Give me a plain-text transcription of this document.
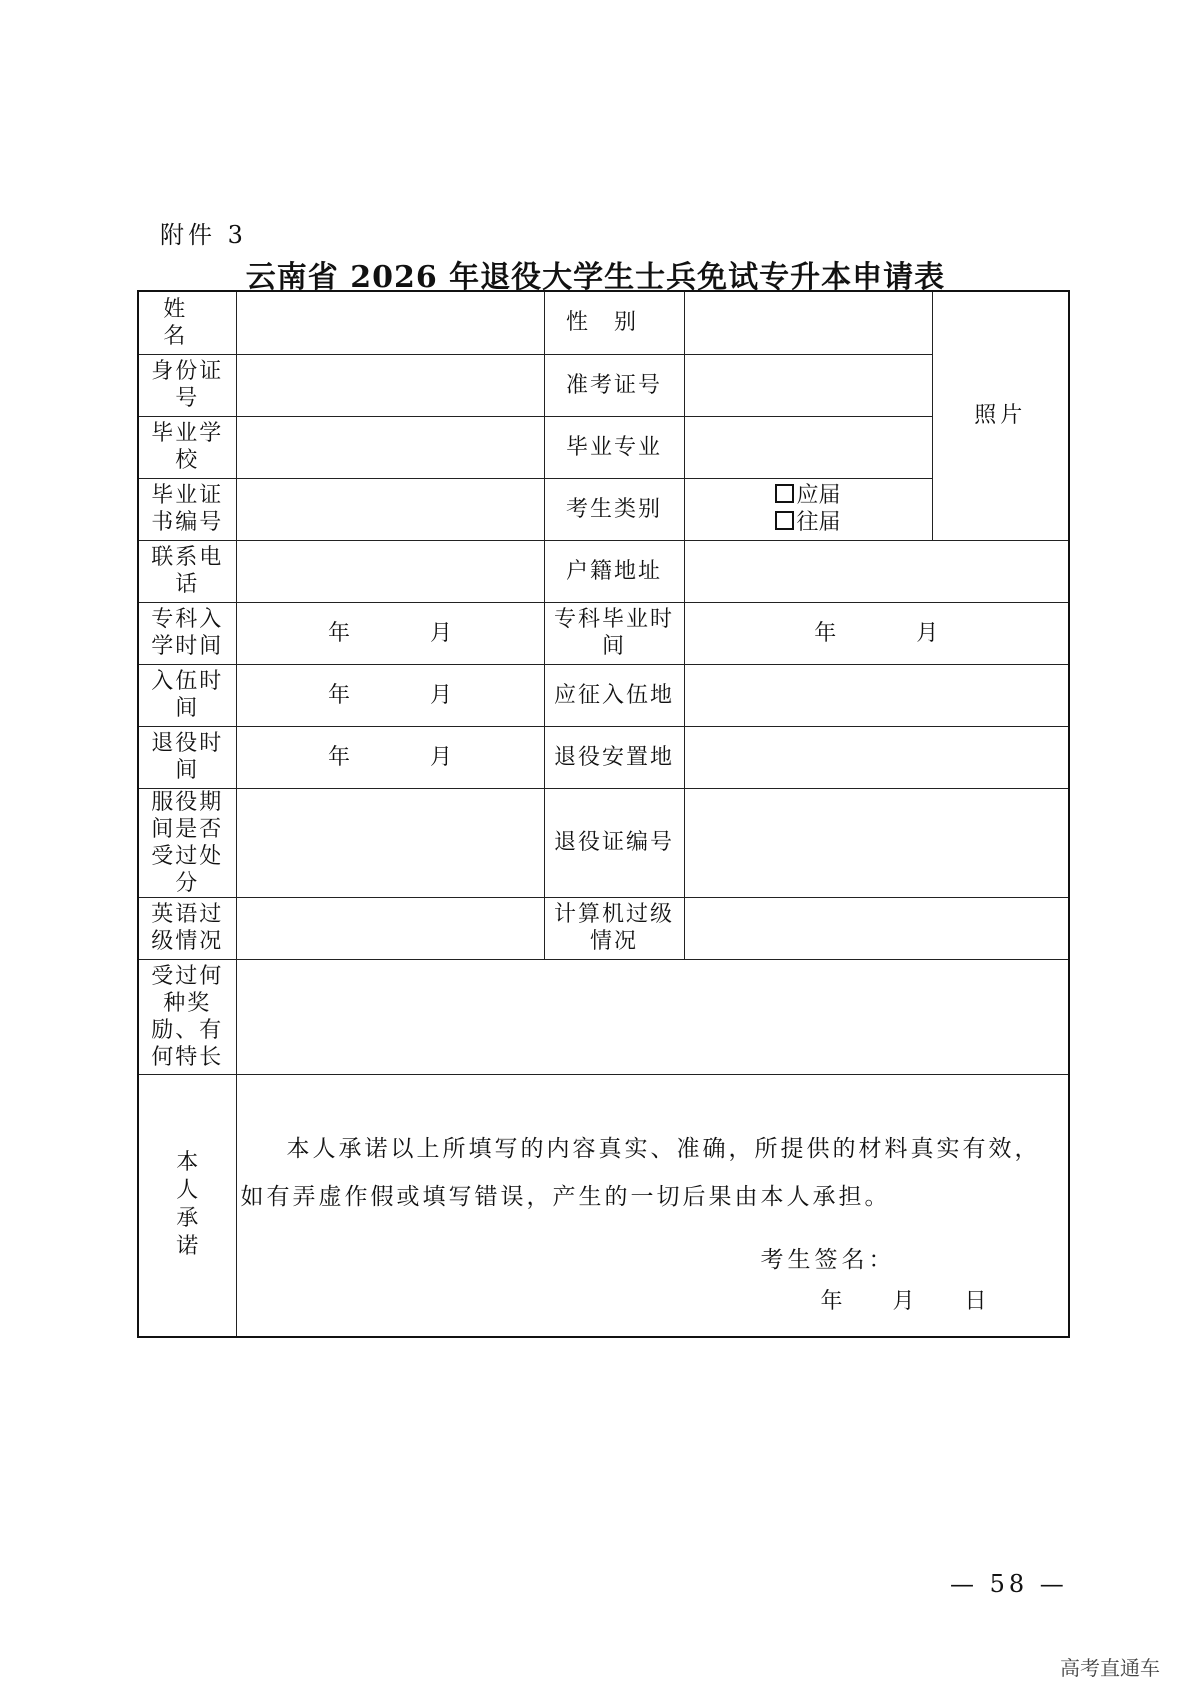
附件 3
云南省 2026 年退役大学生士兵免试专升本申请表
姓名		性别		照片
身份证号		准考证号		
毕业学校		毕业专业		
毕业证书编号		考生类别	应届往届	
联系电话		户籍地址		
专科入学时间	年 月	专科毕业时间	年 月	
入伍时间	年 月	应征入伍地		
退役时间	年 月	退役安置地		
服役期间是否受过处分		退役证编号		
英语过级情况		计算机过级情况		
受过何种奖励、有何特长				
本人承诺	本人承诺以上所填写的内容真实、准确，所提供的材料真实有效，如有弄虚作假或填写错误，产生的一切后果由本人承担。

考生签名：
年 月 日			
— 58 —
高考直通车
